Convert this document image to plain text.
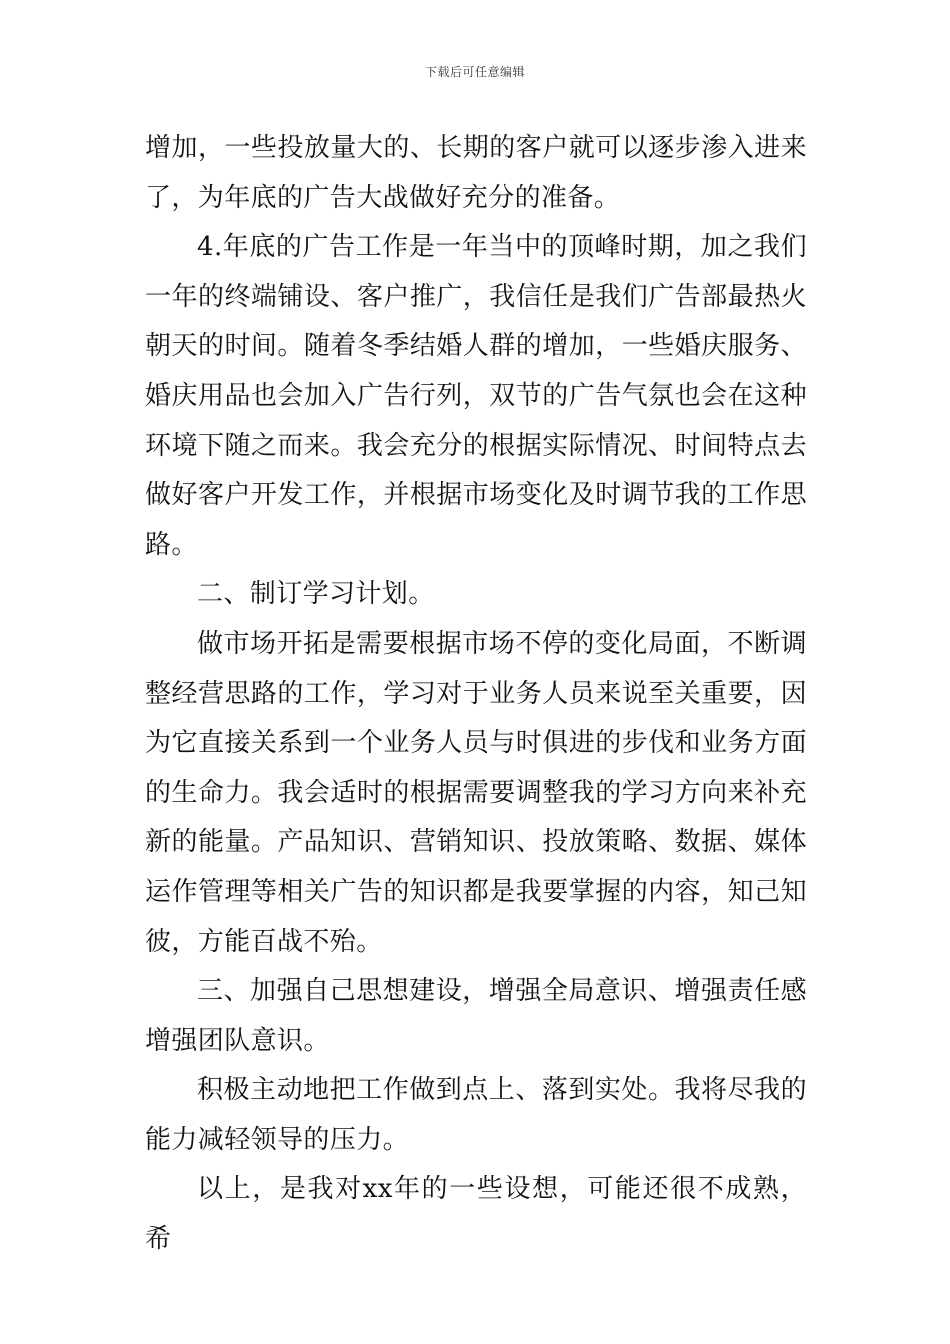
下载后可任意编辑

增加，一些投放量大的、长期的客户就可以逐步渗入进来了，为年底的广告大战做好充分的准备。

4.年底的广告工作是一年当中的顶峰时期，加之我们一年的终端铺设、客户推广，我信任是我们广告部最热火朝天的时间。随着冬季结婚人群的增加，一些婚庆服务、婚庆用品也会加入广告行列，双节的广告气氛也会在这种环境下随之而来。我会充分的根据实际情况、时间特点去做好客户开发工作，并根据市场变化及时调节我的工作思路。

二、制订学习计划。

做市场开拓是需要根据市场不停的变化局面，不断调整经营思路的工作，学习对于业务人员来说至关重要，因为它直接关系到一个业务人员与时俱进的步伐和业务方面的生命力。我会适时的根据需要调整我的学习方向来补充新的能量。产品知识、营销知识、投放策略、数据、媒体运作管理等相关广告的知识都是我要掌握的内容，知己知彼，方能百战不殆。

三、加强自己思想建设，增强全局意识、增强责任感增强团队意识。

积极主动地把工作做到点上、落到实处。我将尽我的能力减轻领导的压力。

以上，是我对xx年的一些设想，可能还很不成熟，希
